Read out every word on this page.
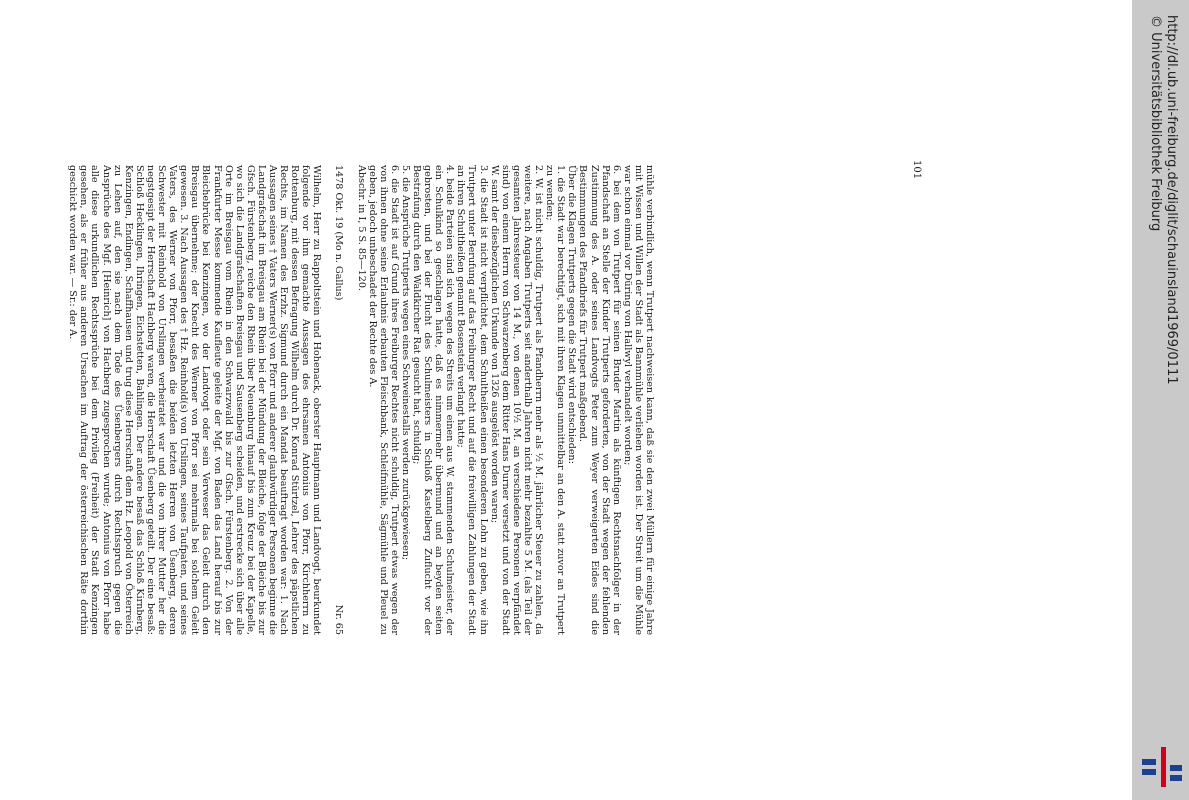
mühle verbindlich, wenn Trutpert nachweisen kann, daß sie den zwei Müllern für einige Jahre mit Wissen und Willen der Stadt als Bannmühle verliehen worden ist. Der Streit um die Mühle war schon einmal vor Düring von Hallwyl verhandelt worden;

6. bei dem von Trutpert für seinen Bruder Martin als künftigen Rechtsnachfolger in der Pfandschaft an Stelle der Kinder Trutperts geforderten, von der Stadt wegen der fehlenden Zustimmung des A. oder seines Landvogts Peter zum Weyer verweigerten Eides sind die Bestimmungen des Pfandbriefs für Trutpert maßgebend.

Über die Klagen Trutperts gegen die Stadt wird entschieden:

1. die Stadt war berechtigt, sich mit ihren Klagen unmittelbar an den A. statt zuvor an Trutpert zu wenden;

2. W. ist nicht schuldig, Trutpert als Pfandherrn mehr als ½ M. jährlicher Steuer zu zahlen, da weitere, nach Angaben Trutperts seit anderthalb Jahren nicht mehr bezahlte 5 M. (als Teil der gesamten Jahressteuer von 14 M., von denen 10½ M. an verschiedene Personen verpfändet sind) von einem Herrn von Schwarzenberg dem Ritter Hans Durner versetzt und von der Stadt W. samt der diesbezüglichen Urkunde von 1326 ausgelöst worden waren;

3. die Stadt ist nicht verpflichtet, dem Schultheißen einen besonderen Lohn zu geben, wie ihn Trutpert unter Berufung auf das Freiburger Recht und auf die freiwilligen Zahlungen der Stadt an ihren Schultheißen genannt Bosenstein verlangt hatte;

4. beide Parteien sind sich wegen des Streits um einen aus W. stammenden Schulmeister, der ein Schulkind so geschlagen hatte, daß es nimmermehr übermund und an beyden seiten gebrosten, und bei der Flucht des Schulmeisters in Schloß Kastelberg Zuflucht vor der Bestrafung durch den Waldkircher Rat gesucht hat, schuldig;

5. die Ansprüche Trutperts wegen eines Schweinestalls werden zurückgewiesen;

6. die Stadt ist auf Grund ihres Freiburger Rechtes nicht schuldig, Trutpert etwas wegen der von ihnen ohne seine Erlaubnis erbauten Fleischbank, Schleifmühle, Sägmühle und Pleuel zu geben, jedoch unbeschadet der Rechte des A.

Abschr. in I, 5 S. 85—120.

1478 Okt. 19 (Mo n. Gallus)
Nr. 65

Wilhelm, Herr zu Rappoltstein und Hohenack, oberster Hauptmann und Landvogt, beurkundet folgende vor ihm gemachte Aussagen des ehrsamen Antonius von Pforr, Kirchherrn zu Rottenburg, mit dessen Befragung Wilhelm durch Dr. Konrad Stürtzel, Lehrer des päpstlichen Rechts, im Namen des Erzhz. Sigmund durch ein Mandat beauftragt worden war: 1. Nach Aussagen seines † Vaters Werner(s) von Pforr und anderer glaubwürdiger Personen beginne die Landgrafschaft im Breisgau am Rhein bei der Mündung der Bleiche, folge der Bleiche bis zur Gfsch. Fürstenberg, reiche den Rhein über Neuenburg hinauf bis zum Kreuz bei der Kapelle, wo sich die Landgrafschaften Breisgau und Sausenberg scheiden, und erstrecke sich über alle Orte im Breisgau vom Rhein in den Schwarzwald bis zur Gfsch. Fürstenberg. 2. Von der Frankfurter Messe kommende Kaufleute geleite der Mgf. von Baden das Land herauf bis zur Bleichebrücke bei Kenzingen, wo der Landvogt oder sein Verweser das Geleit durch den Breisgau übernehme; der Knecht des Werner von Pforr sei mehrmals bei solchem Geleit gewesen. 3. Nach Aussagen des † Hz. Reinhold(s) von Urslingen, seines Taufpaten, und seines Vaters, des Werner von Pforr, besaßen die beiden letzten Herren von Üsenberg, deren Schwester mit Reinhold von Urslingen verheiratet war und die von ihrer Mutter her die negstgesipt der Herrschaft Hachberg waren, die Herrschaft Üsenberg geteilt. Der eine besaß: Schloß Hecklingen, Ihringen, Eichstetten, Bahlingen. Der andere besaß das Schloß Kirnberg, Kenzingen, Endingen, Schaffhausen und trug diese Herrschaft dem Hz. Leopold von Österreich zu Lehen auf, den sie nach dem Tode des Üsenbergers durch Rechtsspruch gegen die Ansprüche des Mgf. [Heinrich] von Hachberg zugesprochen wurde; Antonius von Pforr habe alle diese urkundlichen Rechtssprüche bei dem Privileg (Freiheit) der Stadt Kenzingen gesehen, als er früher aus anderen Ursachen im Auftrag der österreichischen Räte dorthin geschickt worden war. — Sr.: der A.	101	http://dl.ub.uni-freiburg.de/diglit/schauinsland1969/0111
© Universitätsbibliothek Freiburg
